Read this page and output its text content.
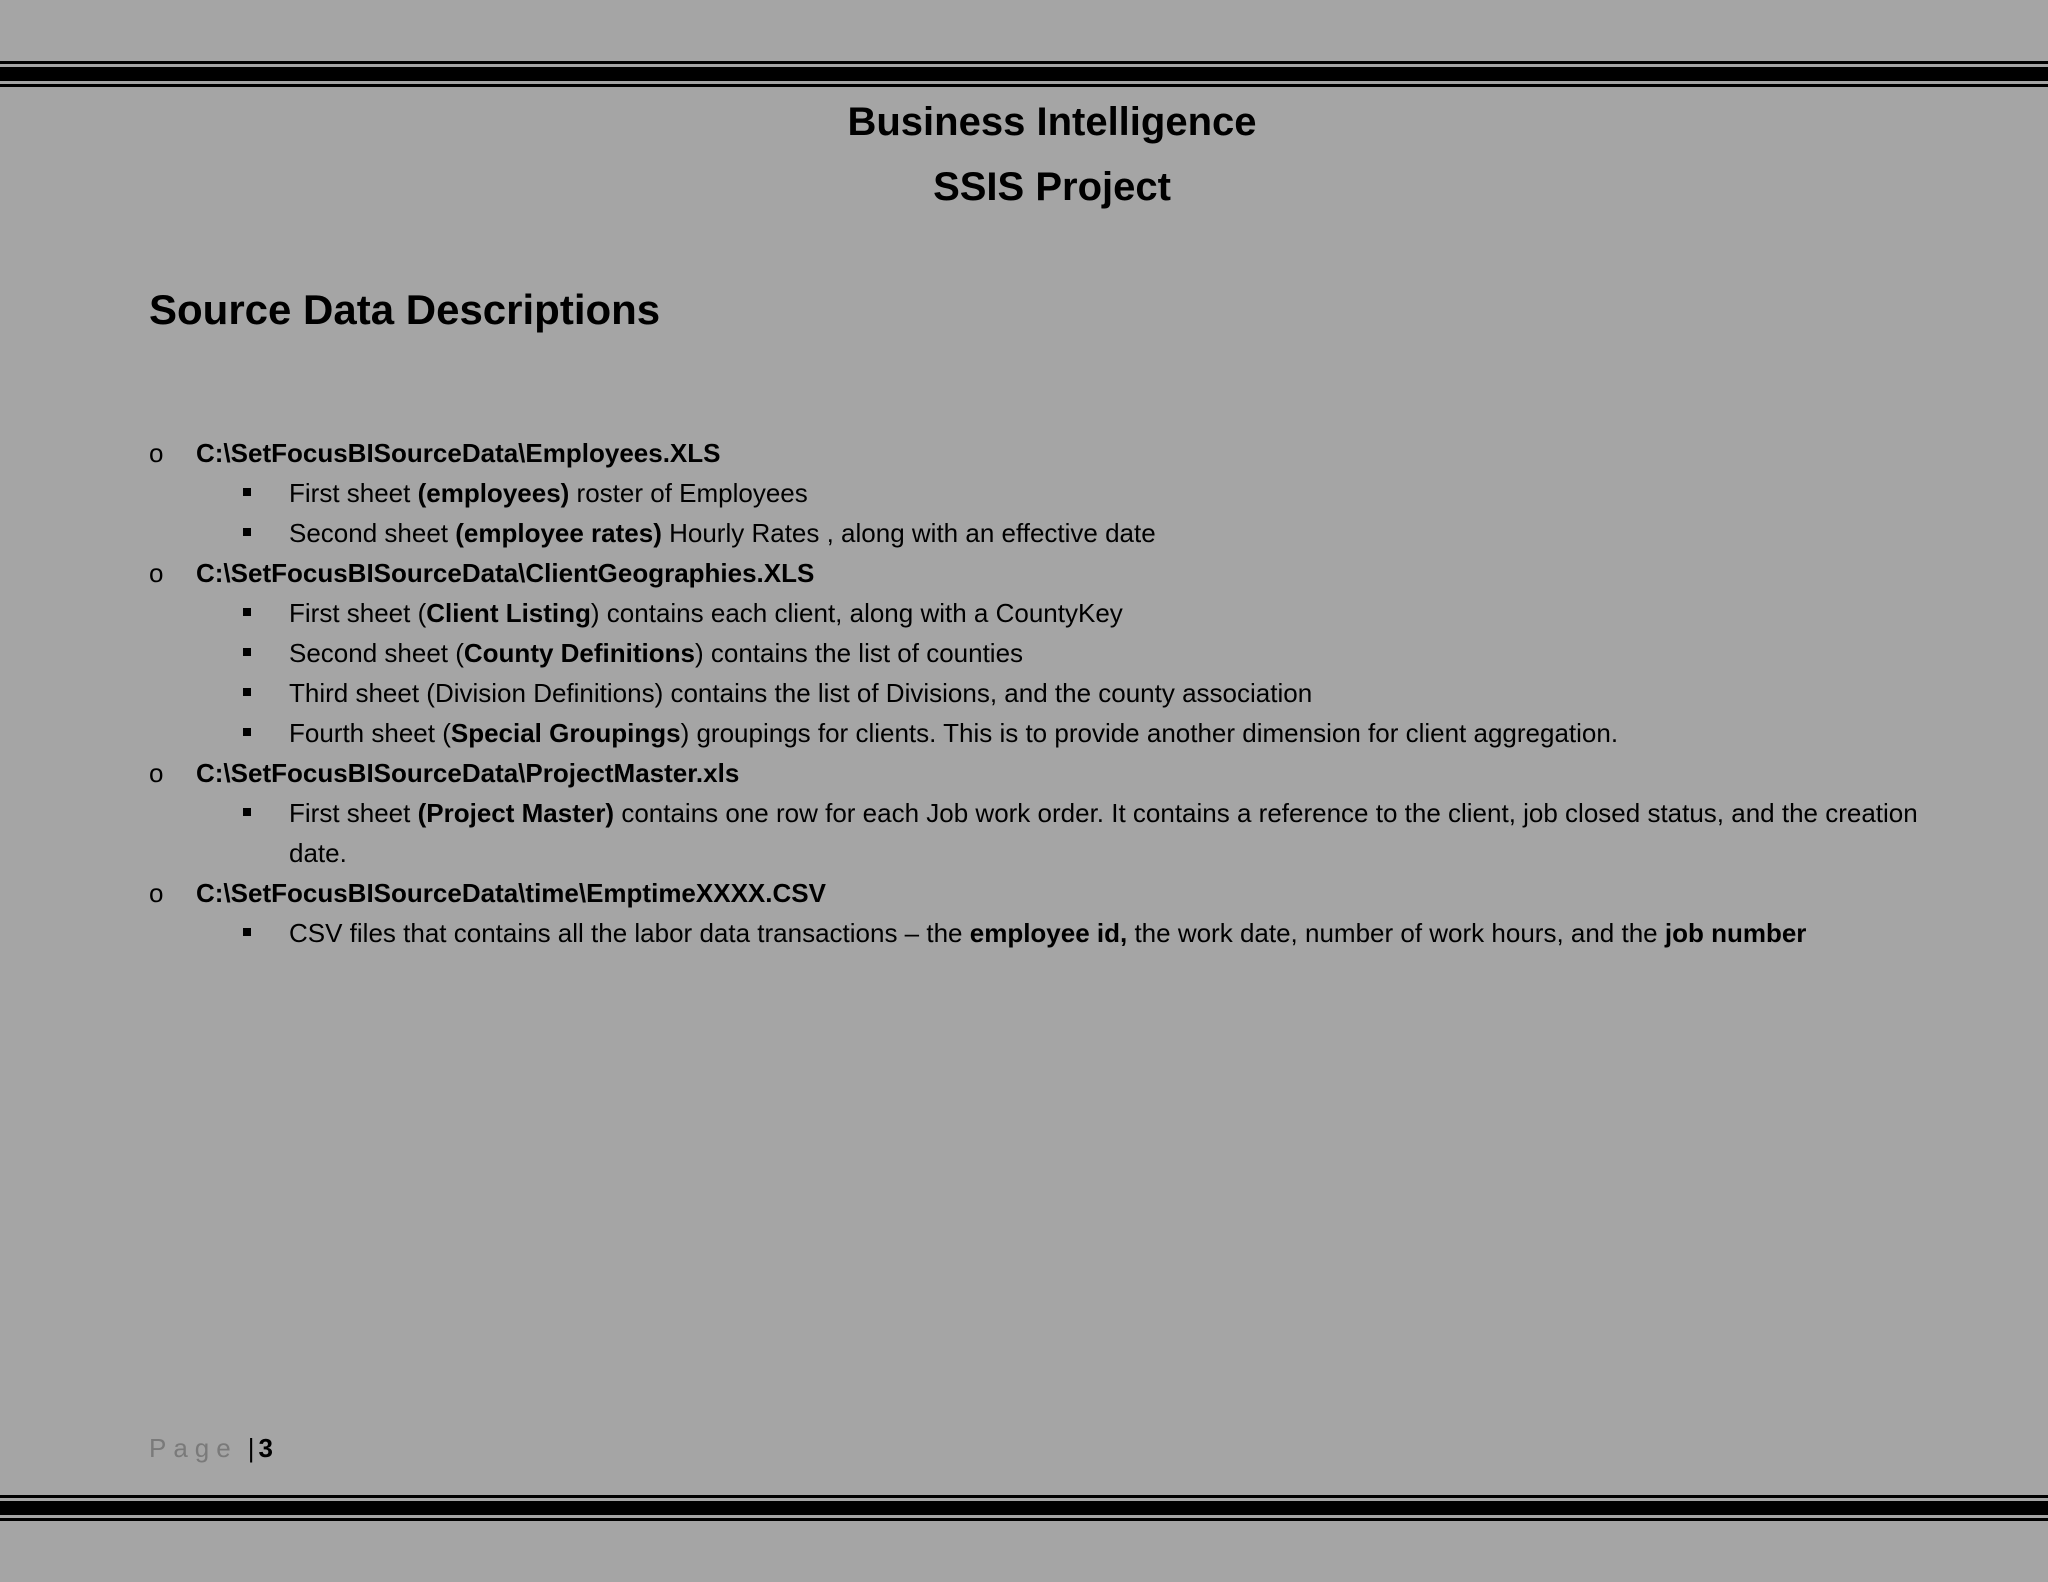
Business Intelligence
SSIS Project
Source Data Descriptions
o C:\SetFocusBISourceData\Employees.XLS
First sheet (employees) roster of Employees
Second sheet (employee rates) Hourly Rates , along with an effective date
o C:\SetFocusBISourceData\ClientGeographies.XLS
First sheet (Client Listing) contains each client, along with a CountyKey
Second sheet (County Definitions) contains the list of counties
Third sheet (Division Definitions) contains the list of Divisions, and the county association
Fourth sheet (Special Groupings) groupings for clients. This is to provide another dimension for client aggregation.
o C:\SetFocusBISourceData\ProjectMaster.xls
First sheet (Project Master) contains one row for each Job work order. It contains a reference to the client, job closed status, and the creation date.
o C:\SetFocusBISourceData\time\EmptimeXXXX.CSV
CSV files that contains all the labor data transactions – the employee id, the work date, number of work hours, and the job number
Page | 3
